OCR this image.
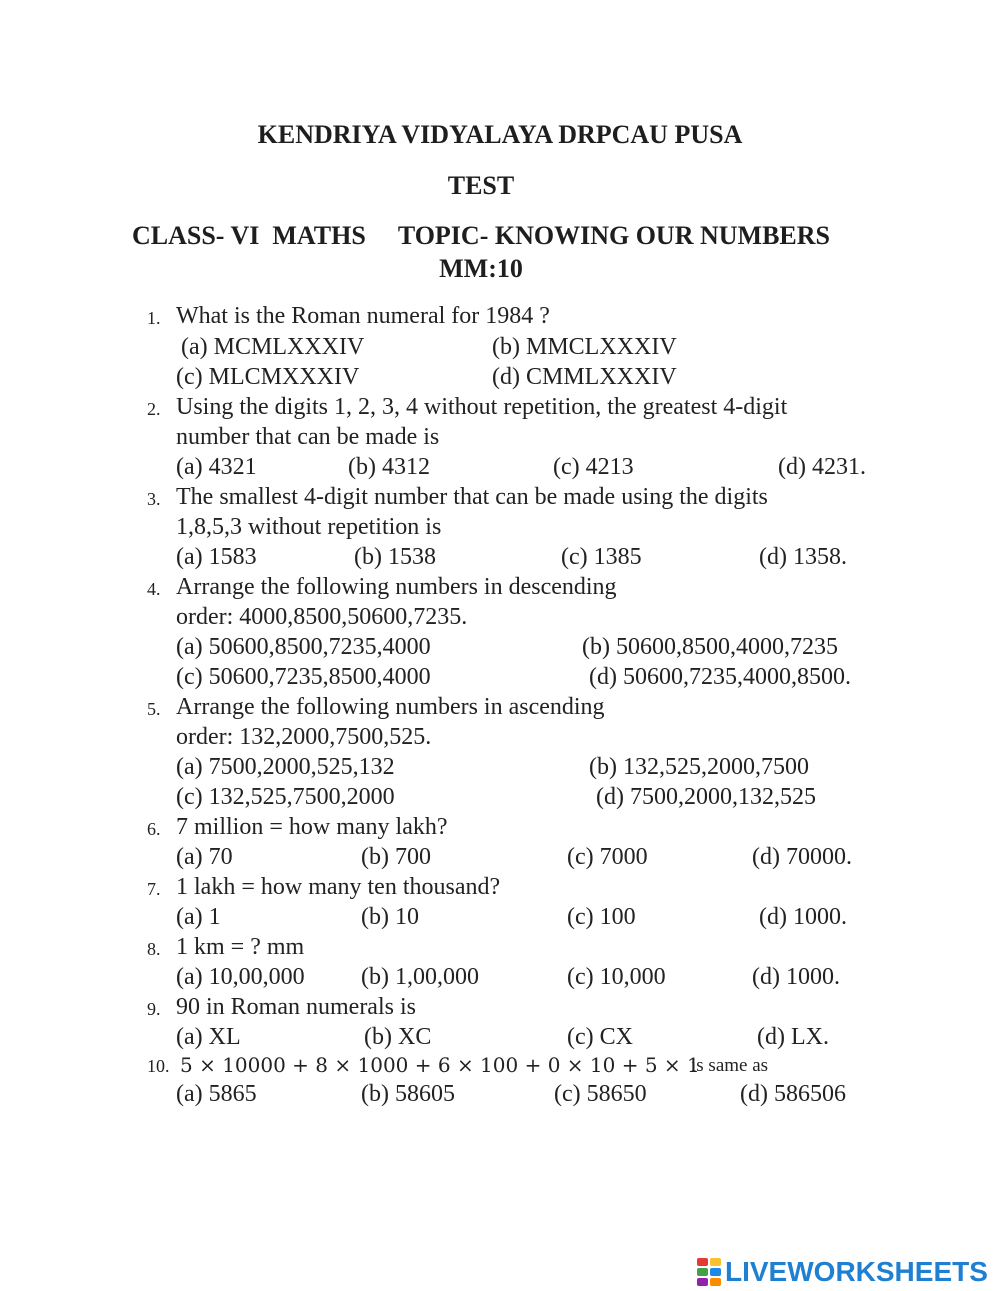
KENDRIYA VIDYALAYA DRPCAU PUSA
TEST
CLASS- VI  MATHS     TOPIC- KNOWING OUR NUMBERS
MM:10
1. What is the Roman numeral for 1984 ?
(a) MCMLXXXIV	(b) MMCLXXXIV
(c) MLCMXXXIV	(d) CMMLXXXIV
2. Using the digits 1, 2, 3, 4 without repetition, the greatest 4-digit
number that can be made is
(a) 4321	(b) 4312	(c) 4213	(d) 4231.
3. The smallest 4-digit number that can be made using the digits
1,8,5,3 without repetition is
(a) 1583	(b) 1538	(c) 1385	(d) 1358.
4. Arrange the following numbers in descending
order: 4000,8500,50600,7235.
(a) 50600,8500,7235,4000	(b) 50600,8500,4000,7235
(c) 50600,7235,8500,4000	(d) 50600,7235,4000,8500.
5. Arrange the following numbers in ascending
order: 132,2000,7500,525.
(a) 7500,2000,525,132	(b) 132,525,2000,7500
(c) 132,525,7500,2000	(d) 7500,2000,132,525
6. 7 million = how many lakh?
(a) 70	(b) 700	(c) 7000	(d) 70000.
7. 1 lakh = how many ten thousand?
(a) 1	(b) 10	(c) 100	(d) 1000.
8. 1 km = ? mm
(a) 10,00,000 (b) 1,00,000	(c) 10,000	(d) 1000.
9. 90 in Roman numerals is
(a) XL	(b) XC	(c) CX	(d) LX.
10. 5 × 10000 + 8 × 1000 + 6 × 100 + 0 × 10 + 5 × 1
is same as
(a) 5865	(b) 58605	(c) 58650	(d) 586506
LIVEWORKSHEETS
